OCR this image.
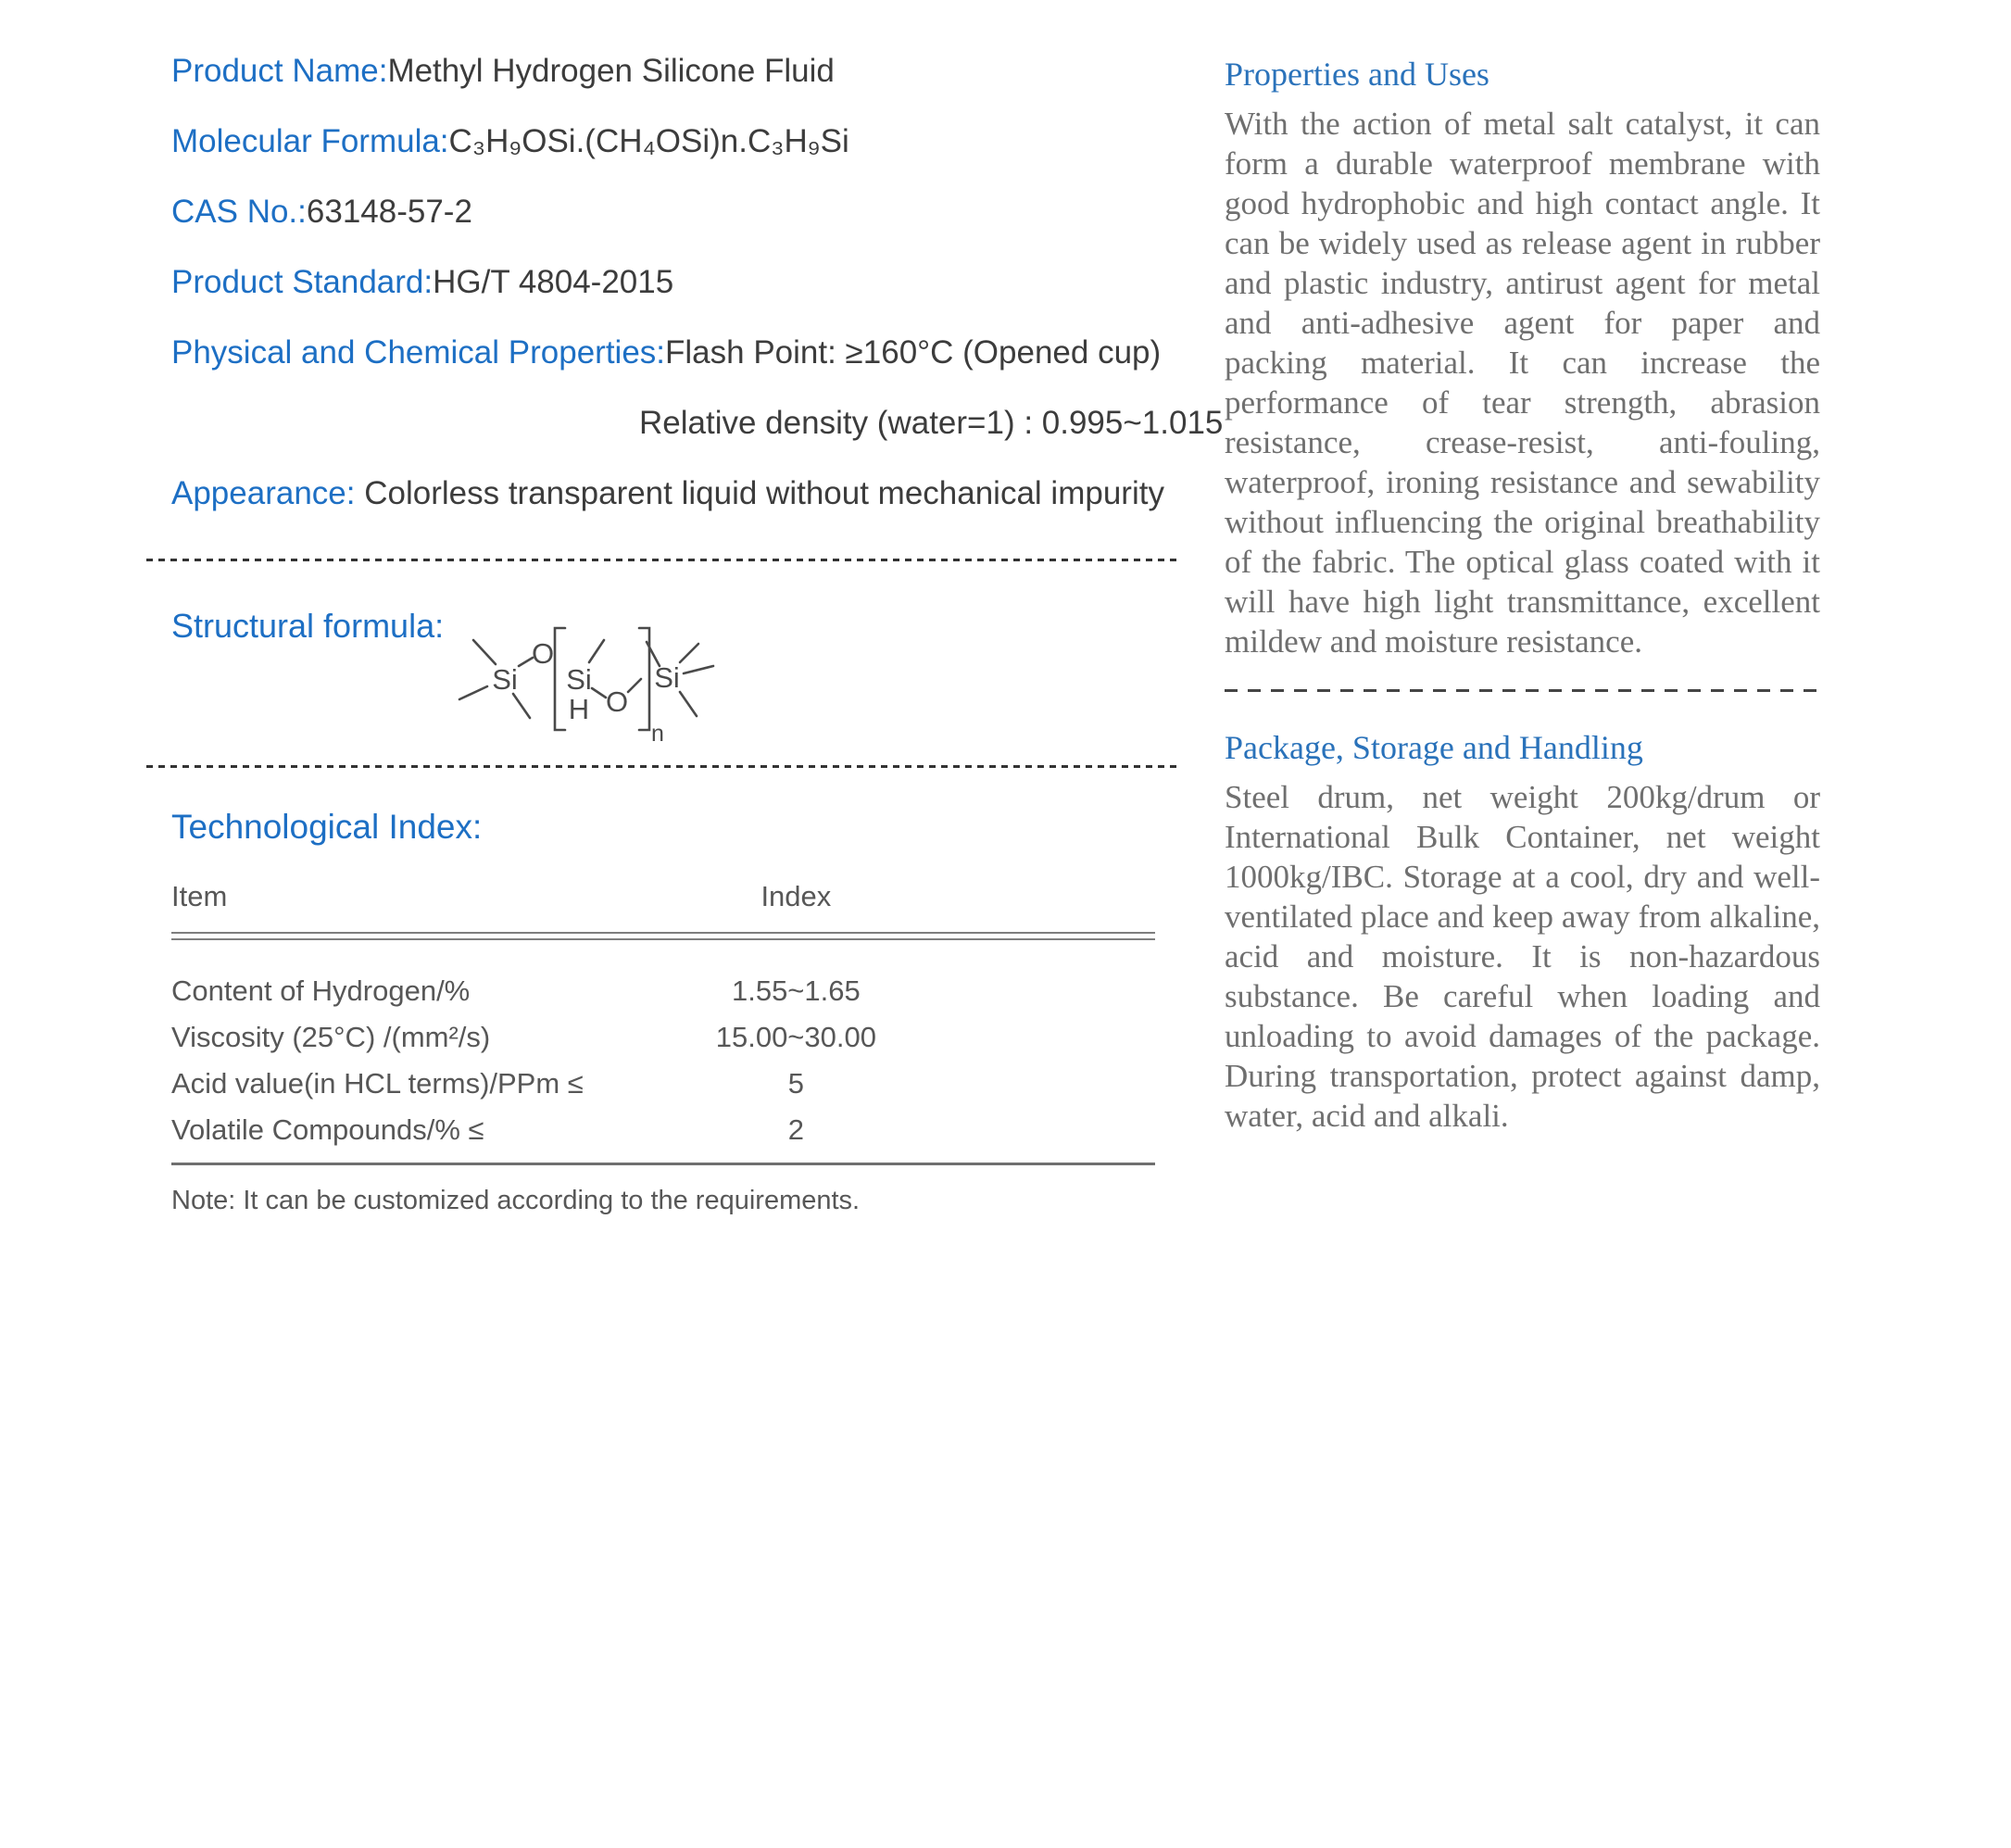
Product Name:Methyl Hydrogen Silicone Fluid
Molecular Formula:C₃H₉OSi.(CH₄OSi)n.C₃H₉Si
CAS No.:63148-57-2
Product Standard:HG/T 4804-2015
Physical and Chemical Properties:Flash Point: ≥160°C (Opened cup)
Relative density (water=1) : 0.995~1.015
Appearance: Colorless transparent liquid without mechanical impurity
Structural formula:
Si
O
Si
H O
Si
n
Technological Index:
Item	Index
Content of Hydrogen/%	1.55~1.65
Viscosity (25°C) /(mm²/s)	15.00~30.00
Acid value(in HCL terms)/PPm ≤	5
Volatile Compounds/% ≤	2
Note: It can be customized according to the requirements.
Properties and Uses

With the action of metal salt catalyst, it can form a durable waterproof membrane with good hydrophobic and high contact angle. It can be widely used as release agent in rubber and plastic industry, antirust agent for metal and anti-adhesive agent for paper and packing material. It can increase the performance of tear strength, abrasion resistance, crease-resist, anti-fouling, waterproof, ironing resistance and sewability without influencing the original breathability of the fabric. The optical glass coated with it will have high light transmittance, excellent mildew and moisture resistance.

Package, Storage and Handling

Steel drum, net weight 200kg/drum or International Bulk Container, net weight 1000kg/IBC. Storage at a cool, dry and well-ventilated place and keep away from alkaline, acid and moisture. It is non-hazardous substance. Be careful when loading and unloading to avoid damages of the package. During transportation, protect against damp, water, acid and alkali.
